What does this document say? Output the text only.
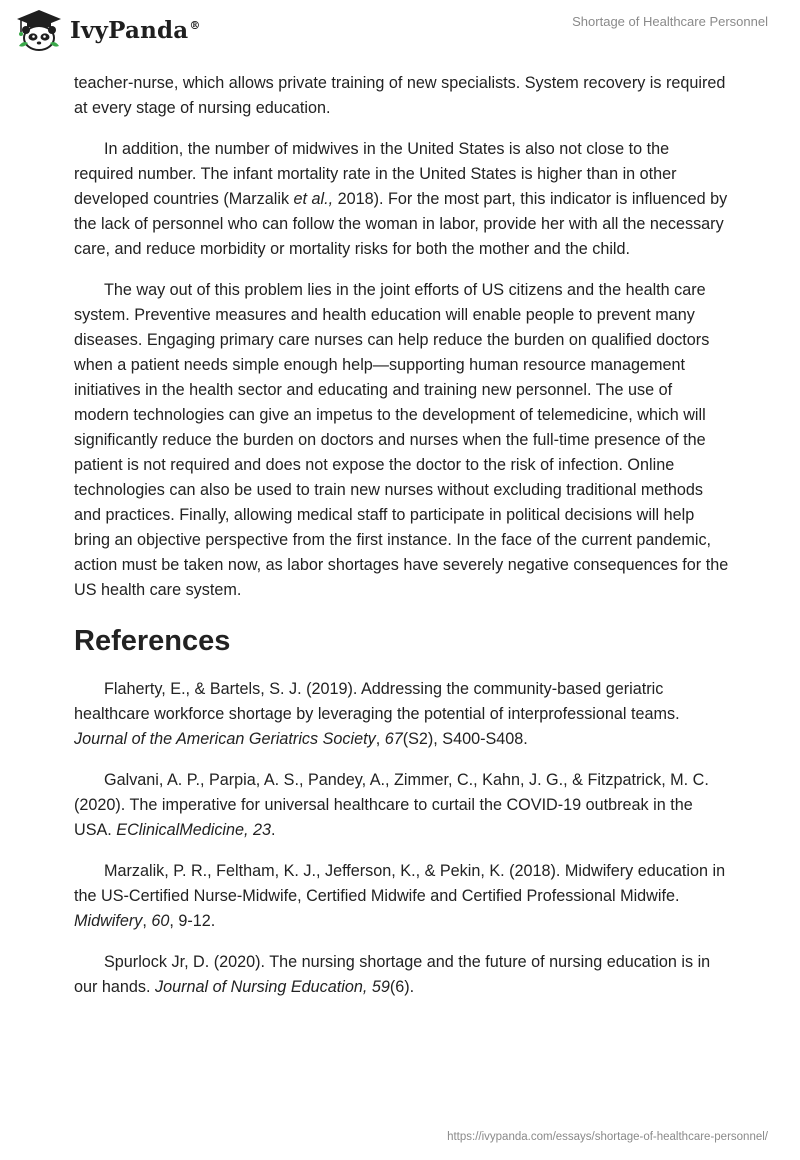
IvyPanda®	Shortage of Healthcare Personnel

teacher-nurse, which allows private training of new specialists. System recovery is required at every stage of nursing education.

In addition, the number of midwives in the United States is also not close to the required number. The infant mortality rate in the United States is higher than in other developed countries (Marzalik et al., 2018). For the most part, this indicator is influenced by the lack of personnel who can follow the woman in labor, provide her with all the necessary care, and reduce morbidity or mortality risks for both the mother and the child.

The way out of this problem lies in the joint efforts of US citizens and the health care system. Preventive measures and health education will enable people to prevent many diseases. Engaging primary care nurses can help reduce the burden on qualified doctors when a patient needs simple enough help—supporting human resource management initiatives in the health sector and educating and training new personnel. The use of modern technologies can give an impetus to the development of telemedicine, which will significantly reduce the burden on doctors and nurses when the full-time presence of the patient is not required and does not expose the doctor to the risk of infection. Online technologies can also be used to train new nurses without excluding traditional methods and practices. Finally, allowing medical staff to participate in political decisions will help bring an objective perspective from the first instance. In the face of the current pandemic, action must be taken now, as labor shortages have severely negative consequences for the US health care system.

References

Flaherty, E., & Bartels, S. J. (2019). Addressing the community-based geriatric healthcare workforce shortage by leveraging the potential of interprofessional teams. Journal of the American Geriatrics Society, 67(S2), S400-S408.

Galvani, A. P., Parpia, A. S., Pandey, A., Zimmer, C., Kahn, J. G., & Fitzpatrick, M. C. (2020). The imperative for universal healthcare to curtail the COVID-19 outbreak in the USA. EClinicalMedicine, 23.

Marzalik, P. R., Feltham, K. J., Jefferson, K., & Pekin, K. (2018). Midwifery education in the US-Certified Nurse-Midwife, Certified Midwife and Certified Professional Midwife. Midwifery, 60, 9-12.

Spurlock Jr, D. (2020). The nursing shortage and the future of nursing education is in our hands. Journal of Nursing Education, 59(6).

https://ivypanda.com/essays/shortage-of-healthcare-personnel/
